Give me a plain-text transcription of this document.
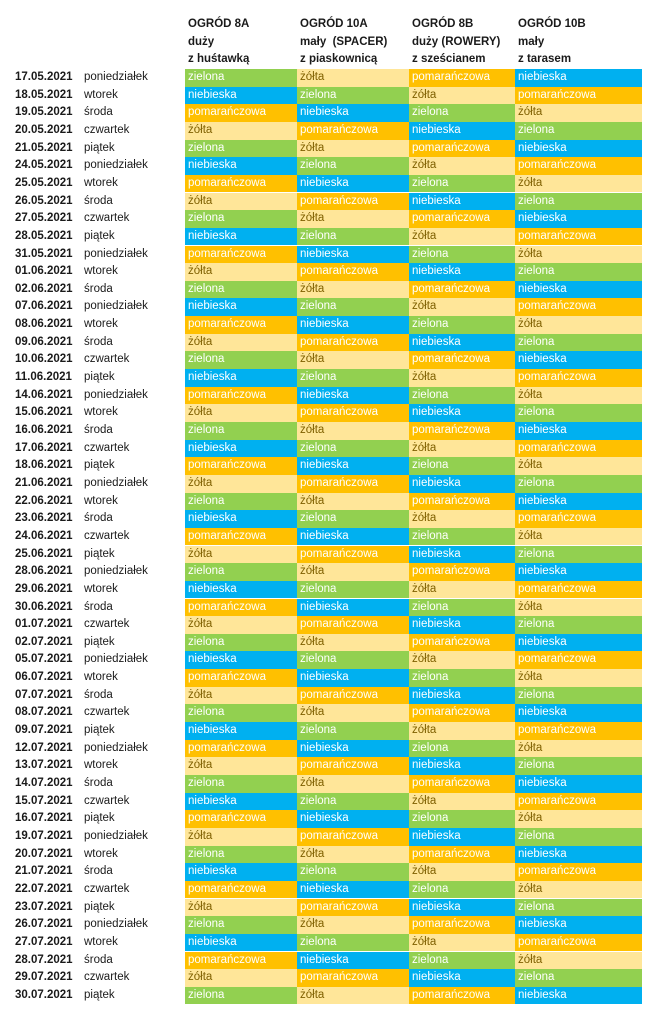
OGRÓD 8A
duży
z huśtawką
OGRÓD 10A
mały  (SPACER)
z piaskownicą
OGRÓD 8B
duży (ROWERY)
z sześcianem
OGRÓD 10B
mały
z tarasem
17.05.2021 poniedziałek	zielona	żółta	pomarańczowa	niebieska
18.05.2021 wtorek	niebieska	zielona	żółta	pomarańczowa
19.05.2021 środa	pomarańczowa	niebieska	zielona	żółta
20.05.2021 czwartek	żółta	pomarańczowa	niebieska	zielona
21.05.2021 piątek	zielona	żółta	pomarańczowa	niebieska
24.05.2021 poniedziałek	niebieska	zielona	żółta	pomarańczowa
25.05.2021 wtorek	pomarańczowa	niebieska	zielona	żółta
26.05.2021 środa	żółta	pomarańczowa	niebieska	zielona
27.05.2021 czwartek	zielona	żółta	pomarańczowa	niebieska
28.05.2021 piątek	niebieska	zielona	żółta	pomarańczowa
31.05.2021 poniedziałek	pomarańczowa	niebieska	zielona	żółta
01.06.2021 wtorek	żółta	pomarańczowa	niebieska	zielona
02.06.2021 środa	zielona	żółta	pomarańczowa	niebieska
07.06.2021 poniedziałek	niebieska	zielona	żółta	pomarańczowa
08.06.2021 wtorek	pomarańczowa	niebieska	zielona	żółta
09.06.2021 środa	żółta	pomarańczowa	niebieska	zielona
10.06.2021 czwartek	zielona	żółta	pomarańczowa	niebieska
11.06.2021 piątek	niebieska	zielona	żółta	pomarańczowa
14.06.2021 poniedziałek	pomarańczowa	niebieska	zielona	żółta
15.06.2021 wtorek	żółta	pomarańczowa	niebieska	zielona
16.06.2021 środa	zielona	żółta	pomarańczowa	niebieska
17.06.2021 czwartek	niebieska	zielona	żółta	pomarańczowa
18.06.2021 piątek	pomarańczowa	niebieska	zielona	żółta
21.06.2021 poniedziałek	żółta	pomarańczowa	niebieska	zielona
22.06.2021 wtorek	zielona	żółta	pomarańczowa	niebieska
23.06.2021 środa	niebieska	zielona	żółta	pomarańczowa
24.06.2021 czwartek	pomarańczowa	niebieska	zielona	żółta
25.06.2021 piątek	żółta	pomarańczowa	niebieska	zielona
28.06.2021 poniedziałek	zielona	żółta	pomarańczowa	niebieska
29.06.2021 wtorek	niebieska	zielona	żółta	pomarańczowa
30.06.2021 środa	pomarańczowa	niebieska	zielona	żółta
01.07.2021 czwartek	żółta	pomarańczowa	niebieska	zielona
02.07.2021 piątek	zielona	żółta	pomarańczowa	niebieska
05.07.2021 poniedziałek	niebieska	zielona	żółta	pomarańczowa
06.07.2021 wtorek	pomarańczowa	niebieska	zielona	żółta
07.07.2021 środa	żółta	pomarańczowa	niebieska	zielona
08.07.2021 czwartek	zielona	żółta	pomarańczowa	niebieska
09.07.2021 piątek	niebieska	zielona	żółta	pomarańczowa
12.07.2021 poniedziałek	pomarańczowa	niebieska	zielona	żółta
13.07.2021 wtorek	żółta	pomarańczowa	niebieska	zielona
14.07.2021 środa	zielona	żółta	pomarańczowa	niebieska
15.07.2021 czwartek	niebieska	zielona	żółta	pomarańczowa
16.07.2021 piątek	pomarańczowa	niebieska	zielona	żółta
19.07.2021 poniedziałek	żółta	pomarańczowa	niebieska	zielona
20.07.2021 wtorek	zielona	żółta	pomarańczowa	niebieska
21.07.2021 środa	niebieska	zielona	żółta	pomarańczowa
22.07.2021 czwartek	pomarańczowa	niebieska	zielona	żółta
23.07.2021 piątek	żółta	pomarańczowa	niebieska	zielona
26.07.2021 poniedziałek	zielona	żółta	pomarańczowa	niebieska
27.07.2021 wtorek	niebieska	zielona	żółta	pomarańczowa
28.07.2021 środa	pomarańczowa	niebieska	zielona	żółta
29.07.2021 czwartek	żółta	pomarańczowa	niebieska	zielona
30.07.2021 piątek	zielona	żółta	pomarańczowa	niebieska
